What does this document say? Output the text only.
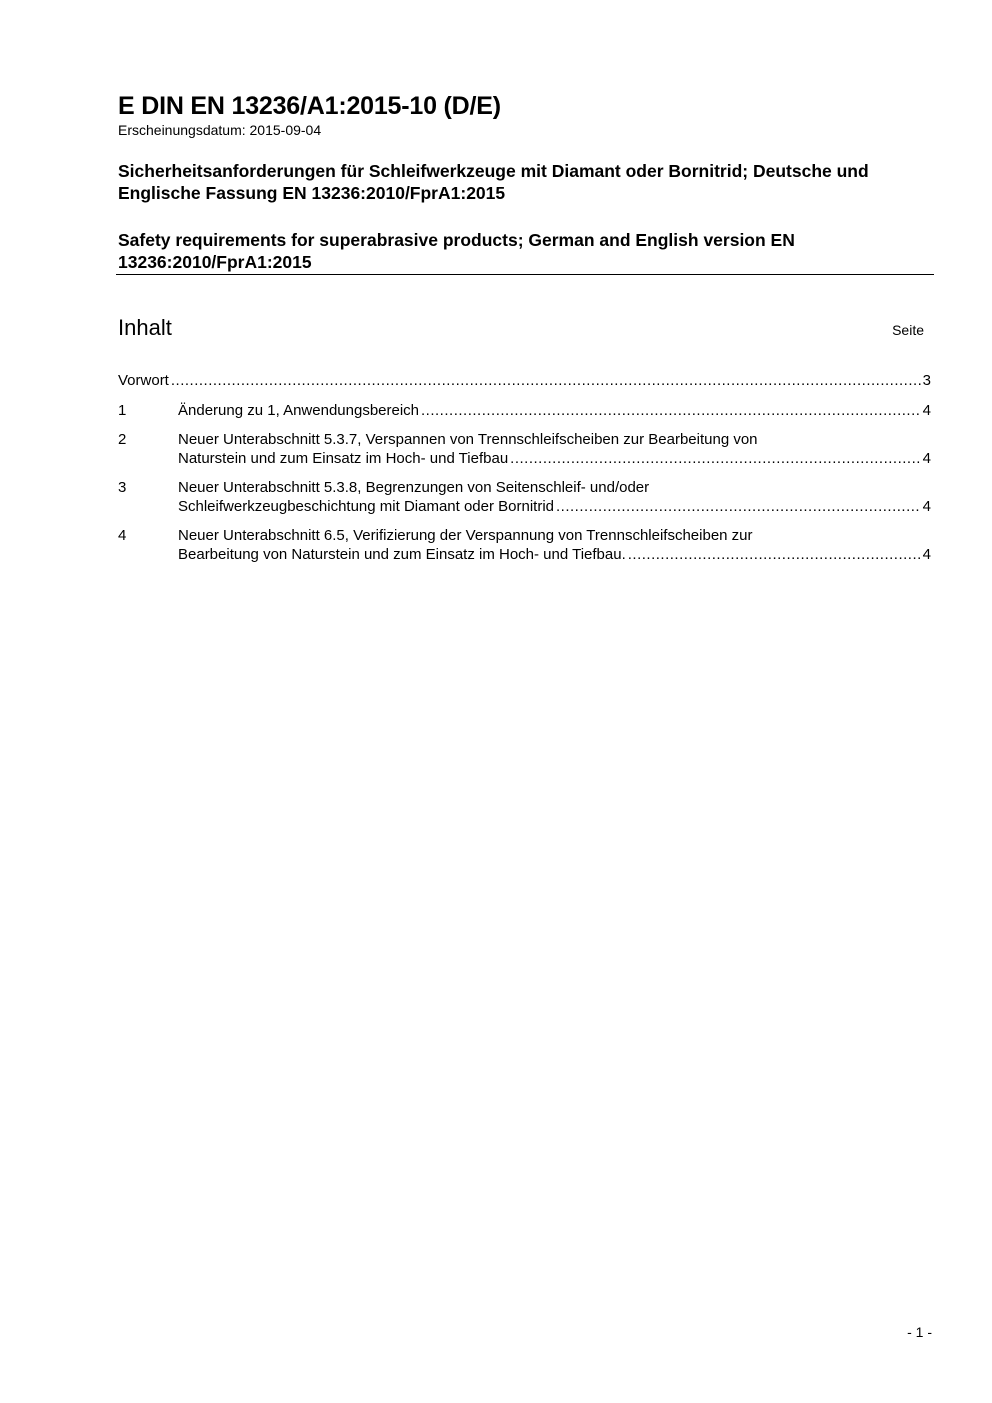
E DIN EN 13236/A1:2015-10 (D/E)
Erscheinungsdatum: 2015-09-04
Sicherheitsanforderungen für Schleifwerkzeuge mit Diamant oder Bornitrid; Deutsche und Englische Fassung EN 13236:2010/FprA1:2015
Safety requirements for superabrasive products; German and English version EN 13236:2010/FprA1:2015
Inhalt	Seite
Vorwort .....	3
1	Änderung zu 1, Anwendungsbereich .....	4
2	Neuer Unterabschnitt 5.3.7, Verspannen von Trennschleifscheiben zur Bearbeitung von
Naturstein und zum Einsatz im Hoch- und Tiefbau .....	4
3	Neuer Unterabschnitt 5.3.8, Begrenzungen von Seitenschleif- und/oder
Schleifwerkzeugbeschichtung mit Diamant oder Bornitrid .....	4
4	Neuer Unterabschnitt 6.5, Verifizierung der Verspannung von Trennschleifscheiben zur
Bearbeitung von Naturstein und zum Einsatz im Hoch- und Tiefbau. .....	4
- 1 -
